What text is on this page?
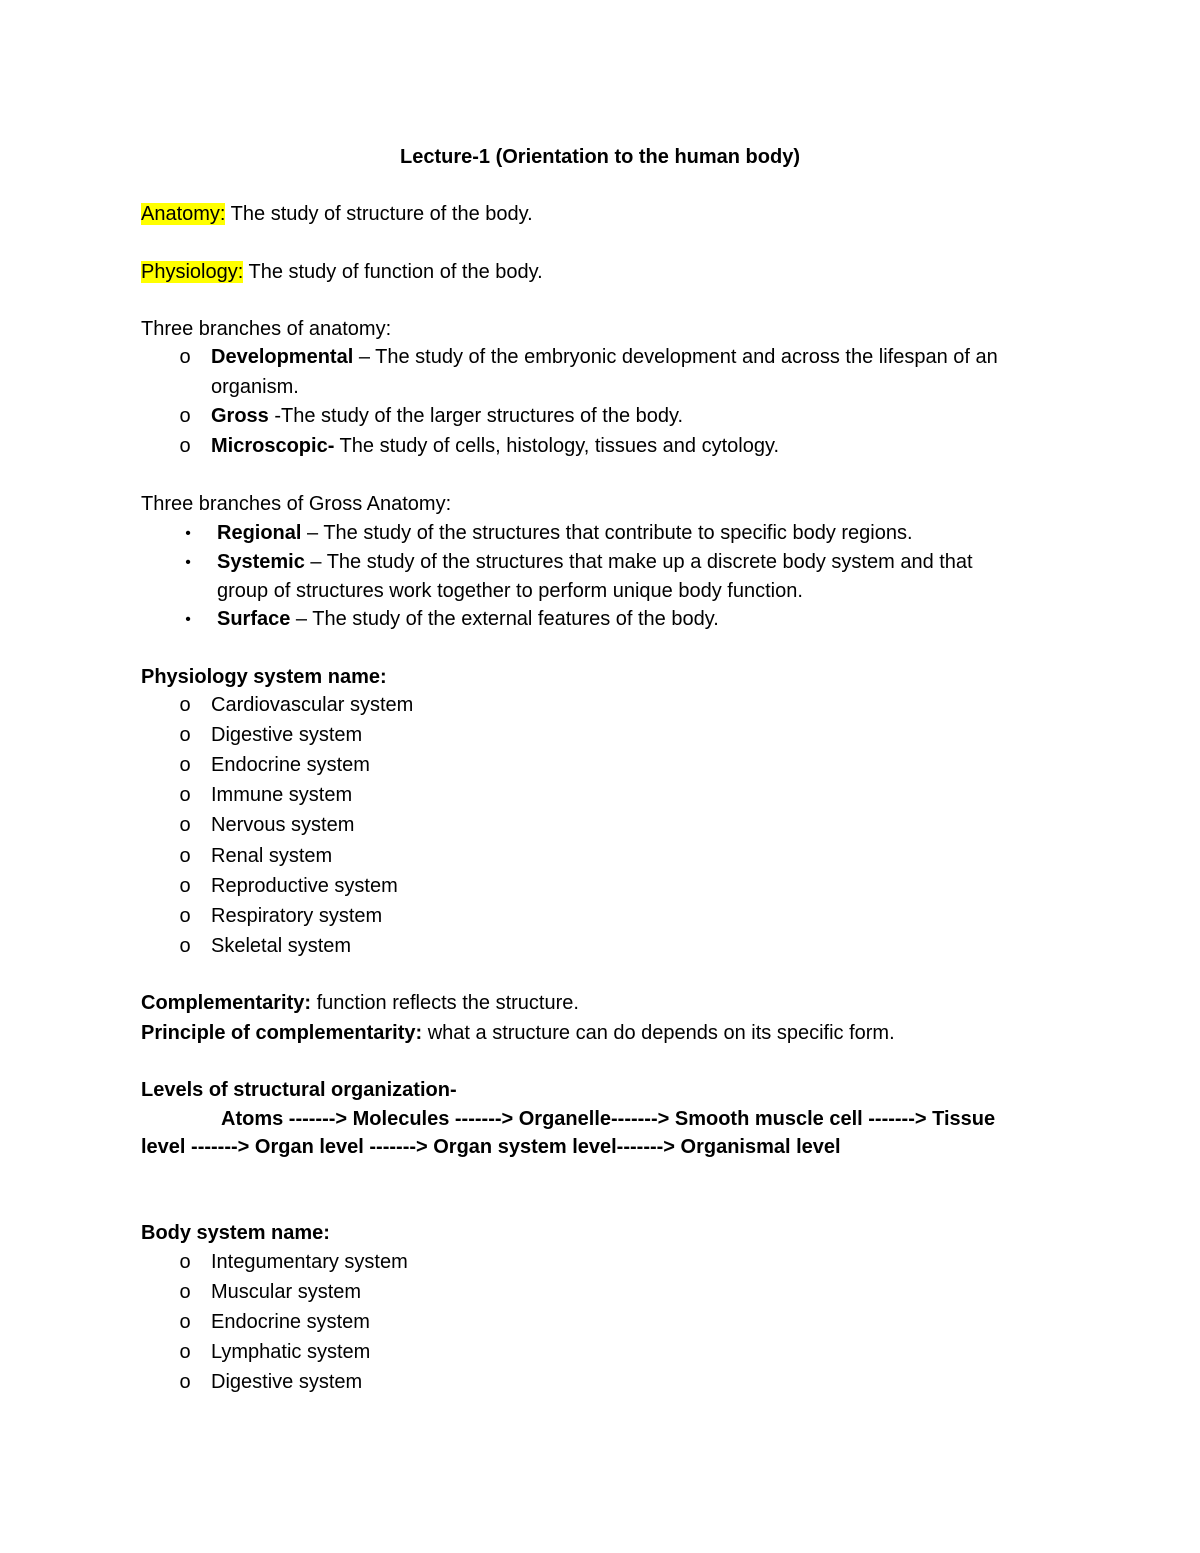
Lecture-1 (Orientation to the human body)
Anatomy: The study of structure of the body.
Physiology: The study of function of the body.
Three branches of anatomy:
o Developmental – The study of the embryonic development and across the lifespan of an
organism.
o Gross -The study of the larger structures of the body.
o Microscopic- The study of cells, histology, tissues and cytology.
Three branches of Gross Anatomy:
• Regional – The study of the structures that contribute to specific body regions.
• Systemic – The study of the structures that make up a discrete body system and that
group of structures work together to perform unique body function.
• Surface – The study of the external features of the body.
Physiology system name:
o Cardiovascular system
o Digestive system
o Endocrine system
o Immune system
o Nervous system
o Renal system
o Reproductive system
o Respiratory system
o Skeletal system
Complementarity: function reflects the structure.
Principle of complementarity: what a structure can do depends on its specific form.
Levels of structural organization-
Atoms -------> Molecules -------> Organelle-------> Smooth muscle cell -------> Tissue
level -------> Organ level -------> Organ system level-------> Organismal level
Body system name:
o Integumentary system
o Muscular system
o Endocrine system
o Lymphatic system
o Digestive system
